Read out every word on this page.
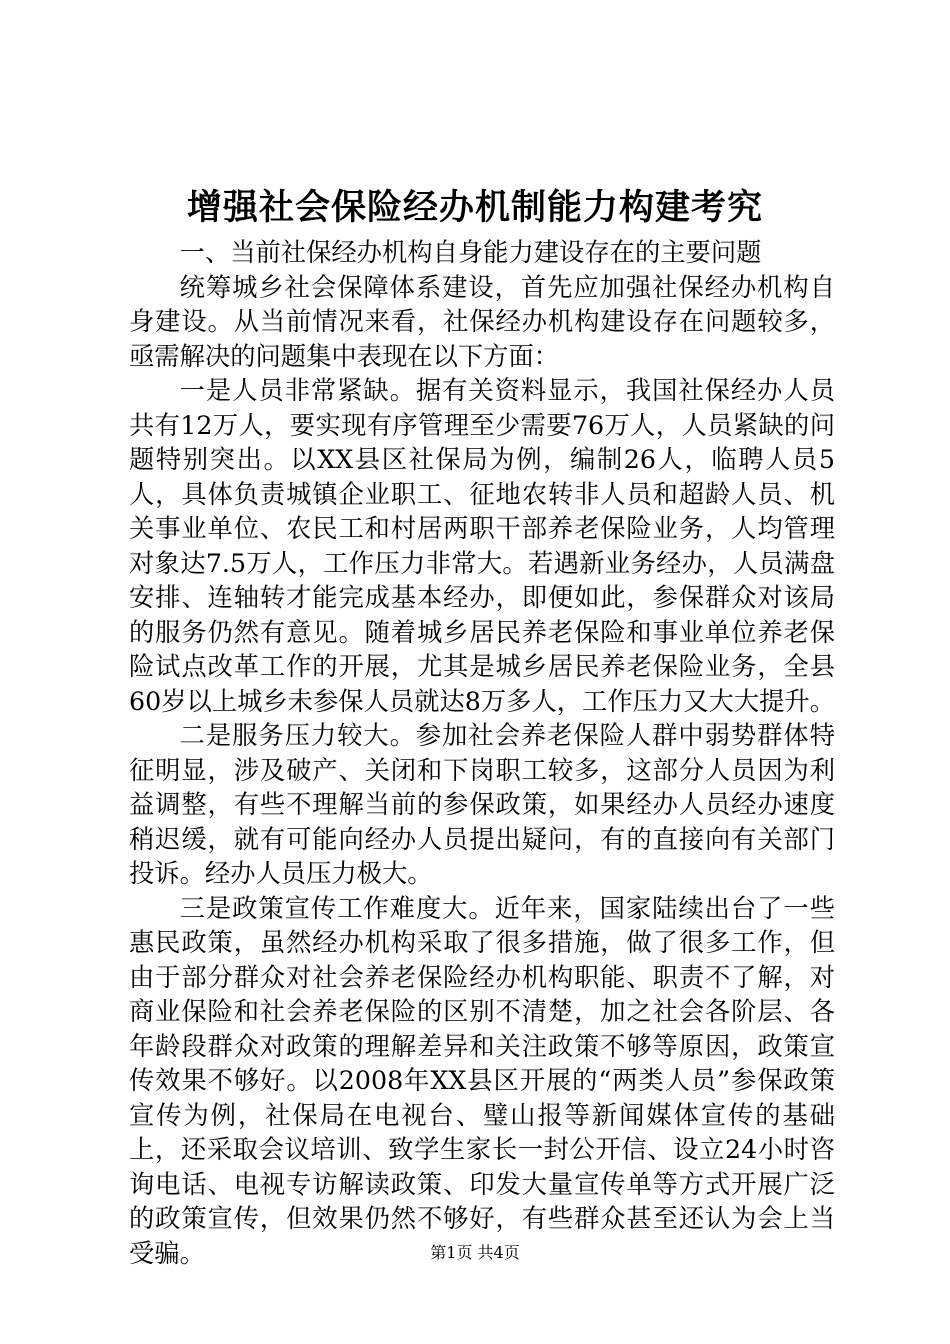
增强社会保险经办机制能力构建考究

一、当前社保经办机构自身能力建设存在的主要问题

统筹城乡社会保障体系建设，首先应加强社保经办机构自身建设。从当前情况来看，社保经办机构建设存在问题较多，亟需解决的问题集中表现在以下方面：

一是人员非常紧缺。据有关资料显示，我国社保经办人员共有12万人，要实现有序管理至少需要76万人，人员紧缺的问题特别突出。以XX县区社保局为例，编制26人，临聘人员5人，具体负责城镇企业职工、征地农转非人员和超龄人员、机关事业单位、农民工和村居两职干部养老保险业务，人均管理对象达7.5万人，工作压力非常大。若遇新业务经办，人员满盘安排、连轴转才能完成基本经办，即便如此，参保群众对该局的服务仍然有意见。随着城乡居民养老保险和事业单位养老保险试点改革工作的开展，尤其是城乡居民养老保险业务，全县60岁以上城乡未参保人员就达8万多人，工作压力又大大提升。

二是服务压力较大。参加社会养老保险人群中弱势群体特征明显，涉及破产、关闭和下岗职工较多，这部分人员因为利益调整，有些不理解当前的参保政策，如果经办人员经办速度稍迟缓，就有可能向经办人员提出疑问，有的直接向有关部门投诉。经办人员压力极大。

三是政策宣传工作难度大。近年来，国家陆续出台了一些惠民政策，虽然经办机构采取了很多措施，做了很多工作，但由于部分群众对社会养老保险经办机构职能、职责不了解，对商业保险和社会养老保险的区别不清楚，加之社会各阶层、各年龄段群众对政策的理解差异和关注政策不够等原因，政策宣传效果不够好。以2008年XX县区开展的“两类人员”参保政策宣传为例，社保局在电视台、璧山报等新闻媒体宣传的基础上，还采取会议培训、致学生家长一封公开信、设立24小时咨询电话、电视专访解读政策、印发大量宣传单等方式开展广泛的政策宣传，但效果仍然不够好，有些群众甚至还认为会上当受骗。	第1页 共4页
